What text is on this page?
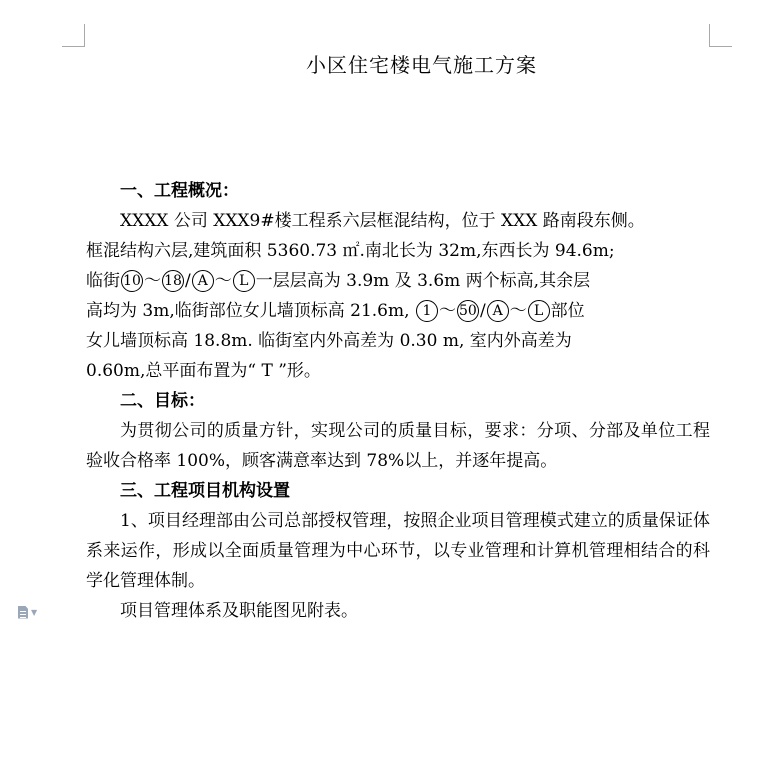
小区住宅楼电气施工方案

一、工程概况：

XXXX 公司 XXX9#楼工程系六层框混结构，位于 XXX 路南段东侧。

框混结构六层,建筑面积 5360.73 ㎡.南北长为 32m,东西长为 94.6m;

临街 10 ～ 18 / A ～ L 一层层高为 3.9m 及 3.6m 两个标高,其余层

高均为 3m,临街部位女儿墙顶标高 21.6m, 1 ～ 50 / A ～ L 部位

女儿墙顶标高 18.8m. 临街室内外高差为 0.30 m, 室内外高差为

0.60m,总平面布置为“ T ”形。

二、目标：

为贯彻公司的质量方针，实现公司的质量目标，要求：分项、分部及单位工程验收合格率 100%，顾客满意率达到 78%以上，并逐年提高。

三、工程项目机构设置

1、项目经理部由公司总部授权管理，按照企业项目管理模式建立的质量保证体系来运作，形成以全面质量管理为中心环节，以专业管理和计算机管理相结合的科学化管理体制。

项目管理体系及职能图见附表。

▼
